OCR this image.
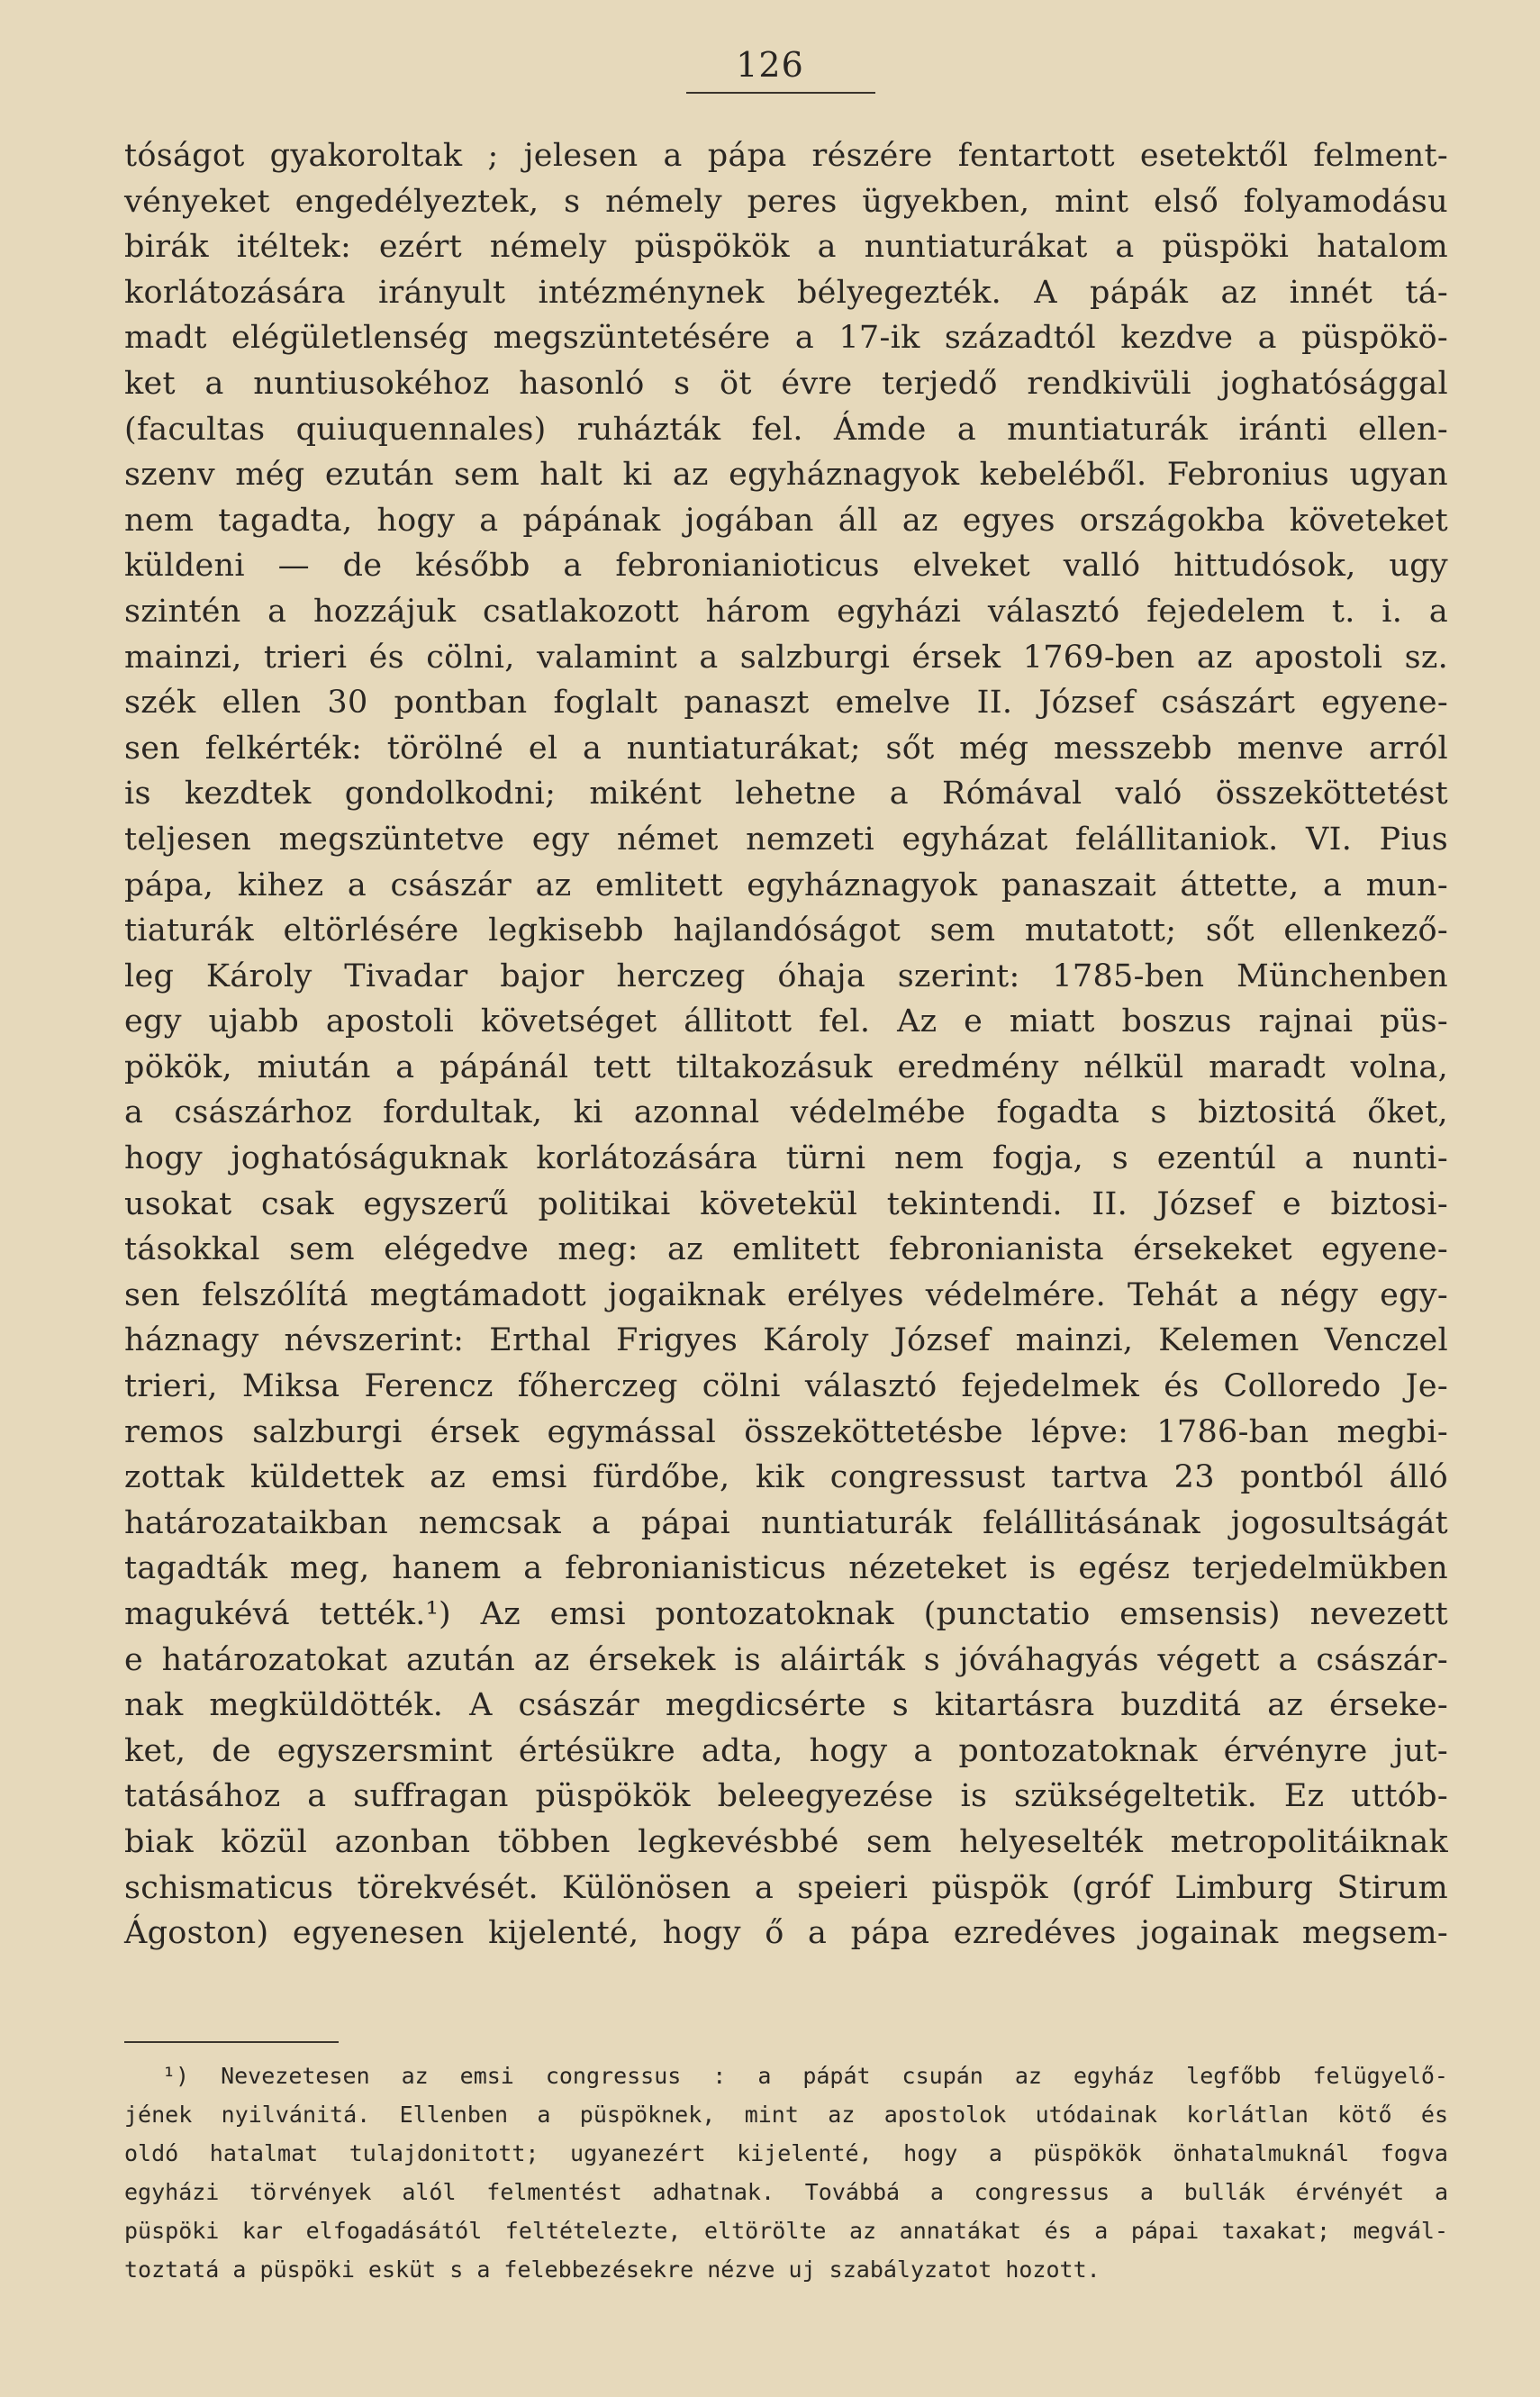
126
tóságot gyakoroltak ; jelesen a pápa részére fentartott esetektől felment-
vényeket engedélyeztek, s némely peres ügyekben, mint első folyamodásu
birák itéltek: ezért némely püspökök a nuntiaturákat a püspöki hatalom
korlátozására irányult intézménynek bélyegezték. A pápák az innét tá-
madt elégületlenség megszüntetésére a 17-ik századtól kezdve a püspökö-
ket a nuntiusokéhoz hasonló s öt évre terjedő rendkivüli joghatósággal
(facultas quiuquennales) ruházták fel. Ámde a muntiaturák iránti ellen-
szenv még ezután sem halt ki az egyháznagyok kebeléből. Febronius ugyan
nem tagadta, hogy a pápának jogában áll az egyes országokba követeket
küldeni — de később a febronianioticus elveket valló hittudósok, ugy
szintén a hozzájuk csatlakozott három egyházi választó fejedelem t. i. a
mainzi, trieri és cölni, valamint a salzburgi érsek 1769-ben az apostoli sz.
szék ellen 30 pontban foglalt panaszt emelve II. József császárt egyene-
sen felkérték: törölné el a nuntiaturákat; sőt még messzebb menve arról
is kezdtek gondolkodni; miként lehetne a Rómával való összeköttetést
teljesen megszüntetve egy német nemzeti egyházat felállitaniok. VI. Pius
pápa, kihez a császár az emlitett egyháznagyok panaszait áttette, a mun-
tiaturák eltörlésére legkisebb hajlandóságot sem mutatott; sőt ellenkező-
leg Károly Tivadar bajor herczeg óhaja szerint: 1785-ben Münchenben
egy ujabb apostoli követséget állitott fel. Az e miatt boszus rajnai püs-
pökök, miután a pápánál tett tiltakozásuk eredmény nélkül maradt volna,
a császárhoz fordultak, ki azonnal védelmébe fogadta s biztositá őket,
hogy joghatóságuknak korlátozására türni nem fogja, s ezentúl a nunti-
usokat csak egyszerű politikai követekül tekintendi. II. József e biztosi-
tásokkal sem elégedve meg: az emlitett febronianista érsekeket egyene-
sen felszólítá megtámadott jogaiknak erélyes védelmére. Tehát a négy egy-
háznagy névszerint: Erthal Frigyes Károly József mainzi, Kelemen Venczel
trieri, Miksa Ferencz főherczeg cölni választó fejedelmek és Colloredo Je-
remos salzburgi érsek egymással összeköttetésbe lépve: 1786-ban megbi-
zottak küldettek az emsi fürdőbe, kik congressust tartva 23 pontból álló
határozataikban nemcsak a pápai nuntiaturák felállitásának jogosultságát
tagadták meg, hanem a febronianisticus nézeteket is egész terjedelmükben
magukévá tették.¹) Az emsi pontozatoknak (punctatio emsensis) nevezett
e határozatokat azután az érsekek is aláirták s jóváhagyás végett a császár-
nak megküldötték. A császár megdicsérte s kitartásra buzditá az érseke-
ket, de egyszersmint értésükre adta, hogy a pontozatoknak érvényre jut-
tatásához a suffragan püspökök beleegyezése is szükségeltetik. Ez uttób-
biak közül azonban többen legkevésbbé sem helyeselték metropolitáiknak
schismaticus törekvését. Különösen a speieri püspök (gróf Limburg Stirum
Ágoston) egyenesen kijelenté, hogy ő a pápa ezredéves jogainak megsem-
¹) Nevezetesen az emsi congressus : a pápát csupán az egyház legfőbb felügyelő-
jének nyilvánitá. Ellenben a püspöknek, mint az apostolok utódainak korlátlan kötő és
oldó hatalmat tulajdonitott; ugyanezért kijelenté, hogy a püspökök önhatalmuknál fogva
egyházi törvények alól felmentést adhatnak. Továbbá a congressus a bullák érvényét a
püspöki kar elfogadásától feltételezte, eltörölte az annatákat és a pápai taxakat; megvál-
toztatá a püspöki esküt s a felebbezésekre nézve uj szabályzatot hozott.
